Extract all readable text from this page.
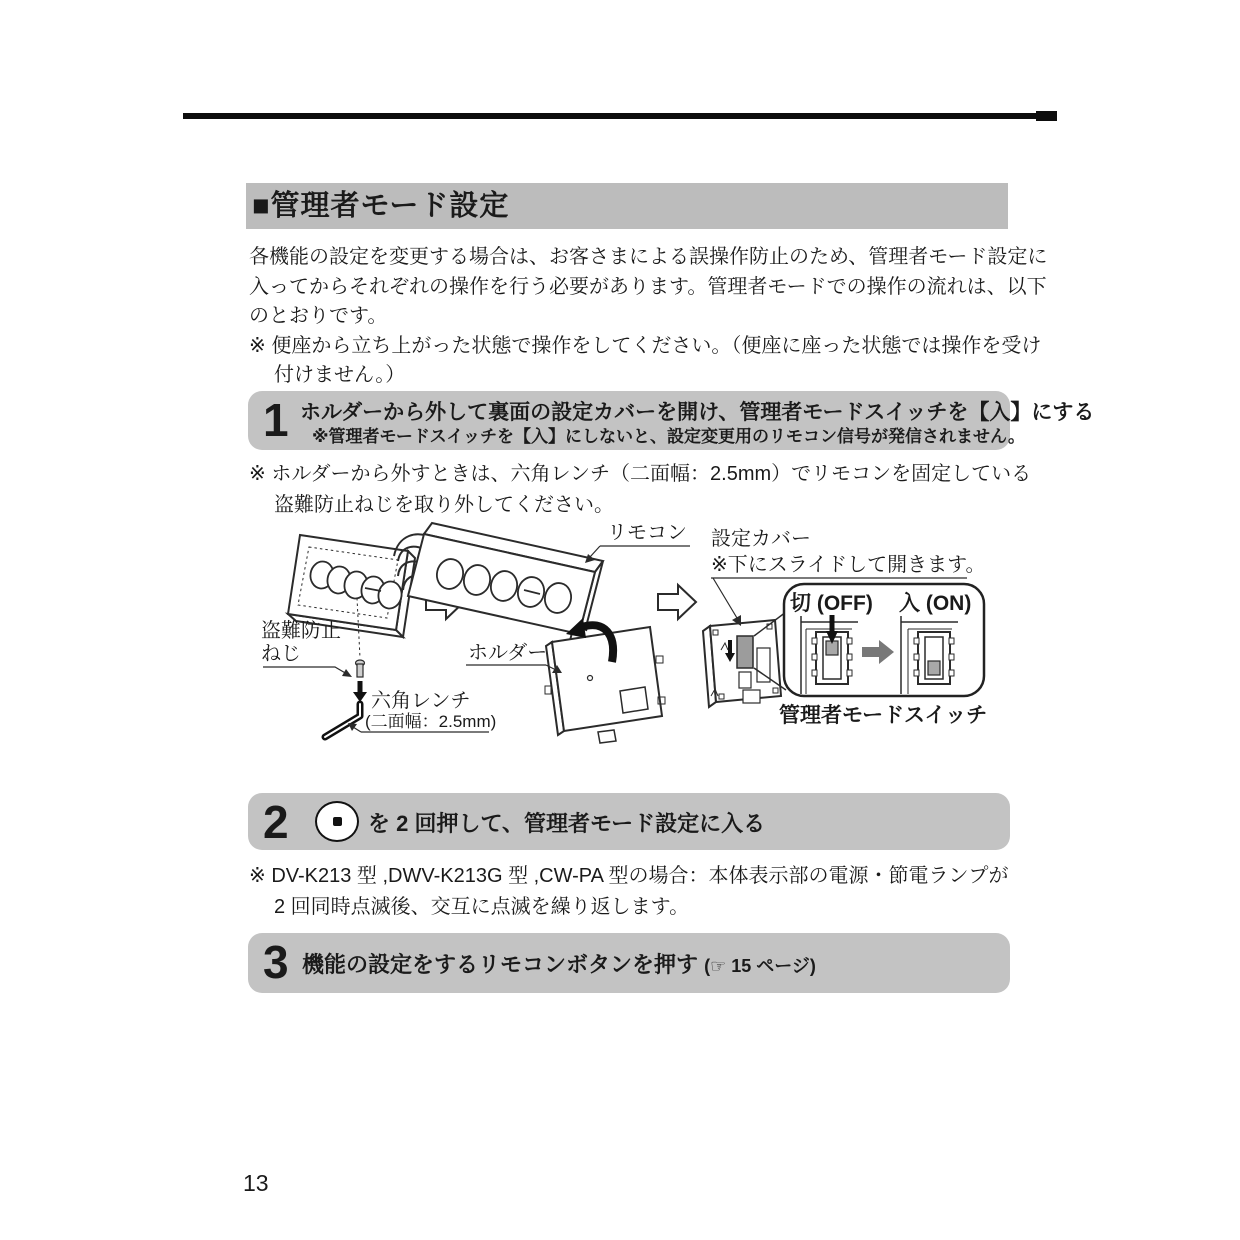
■管理者モード設定
各機能の設定を変更する場合は、お客さまによる誤操作防止のため、管理者モード設定に
入ってからそれぞれの操作を行う必要があります。管理者モードでの操作の流れは、以下
のとおりです。
※ 便座から立ち上がった状態で操作をしてください。（便座に座った状態では操作を受け
付けません。）
1 ホルダーから外して裏面の設定カバーを開け、管理者モードスイッチを【入】にする
※管理者モードスイッチを【入】にしないと、設定変更用のリモコン信号が発信されません。
※ ホルダーから外すときは、六角レンチ（二面幅：2.5mm）でリモコンを固定している
盗難防止ねじを取り外してください。
盗難防止
ねじ
六角レンチ
(二面幅：2.5mm)
リモコン
ホルダー
設定カバー
※下にスライドして開きます。
切 (OFF) 入 (ON)
管理者モードスイッチ
2	を 2 回押して、管理者モード設定に入る
※ DV-K213 型 ,DWV-K213G 型 ,CW-PA 型の場合：本体表示部の電源・節電ランプが
2 回同時点滅後、交互に点滅を繰り返します。
3 機能の設定をするリモコンボタンを押す (☞ 15 ページ)
13
